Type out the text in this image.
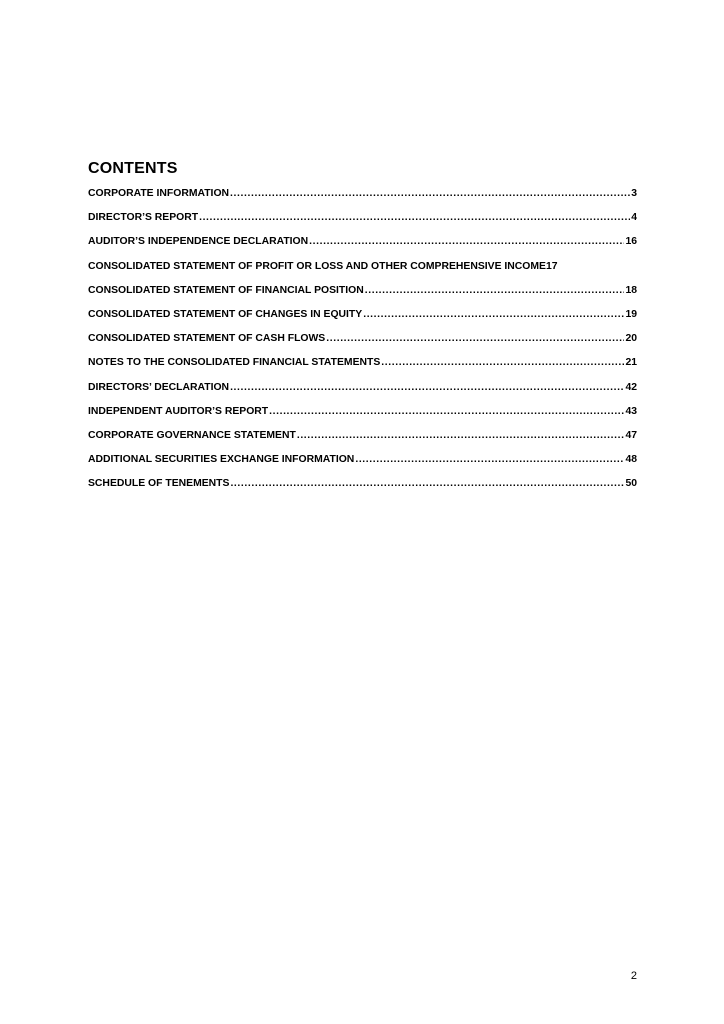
CONTENTS
CORPORATE INFORMATION .....	3
DIRECTOR’S REPORT .....	4
AUDITOR’S INDEPENDENCE DECLARATION .....	16
CONSOLIDATED STATEMENT OF PROFIT OR LOSS AND OTHER COMPREHENSIVE INCOME 17
CONSOLIDATED STATEMENT OF FINANCIAL POSITION .....	18
CONSOLIDATED STATEMENT OF CHANGES IN EQUITY .....	19
CONSOLIDATED STATEMENT OF CASH FLOWS .....	20
NOTES TO THE CONSOLIDATED FINANCIAL STATEMENTS .....	21
DIRECTORS’ DECLARATION .....	42
INDEPENDENT AUDITOR’S REPORT .....	43
CORPORATE GOVERNANCE STATEMENT .....	47
ADDITIONAL SECURITIES EXCHANGE INFORMATION .....	48
SCHEDULE OF TENEMENTS .....	50
2
